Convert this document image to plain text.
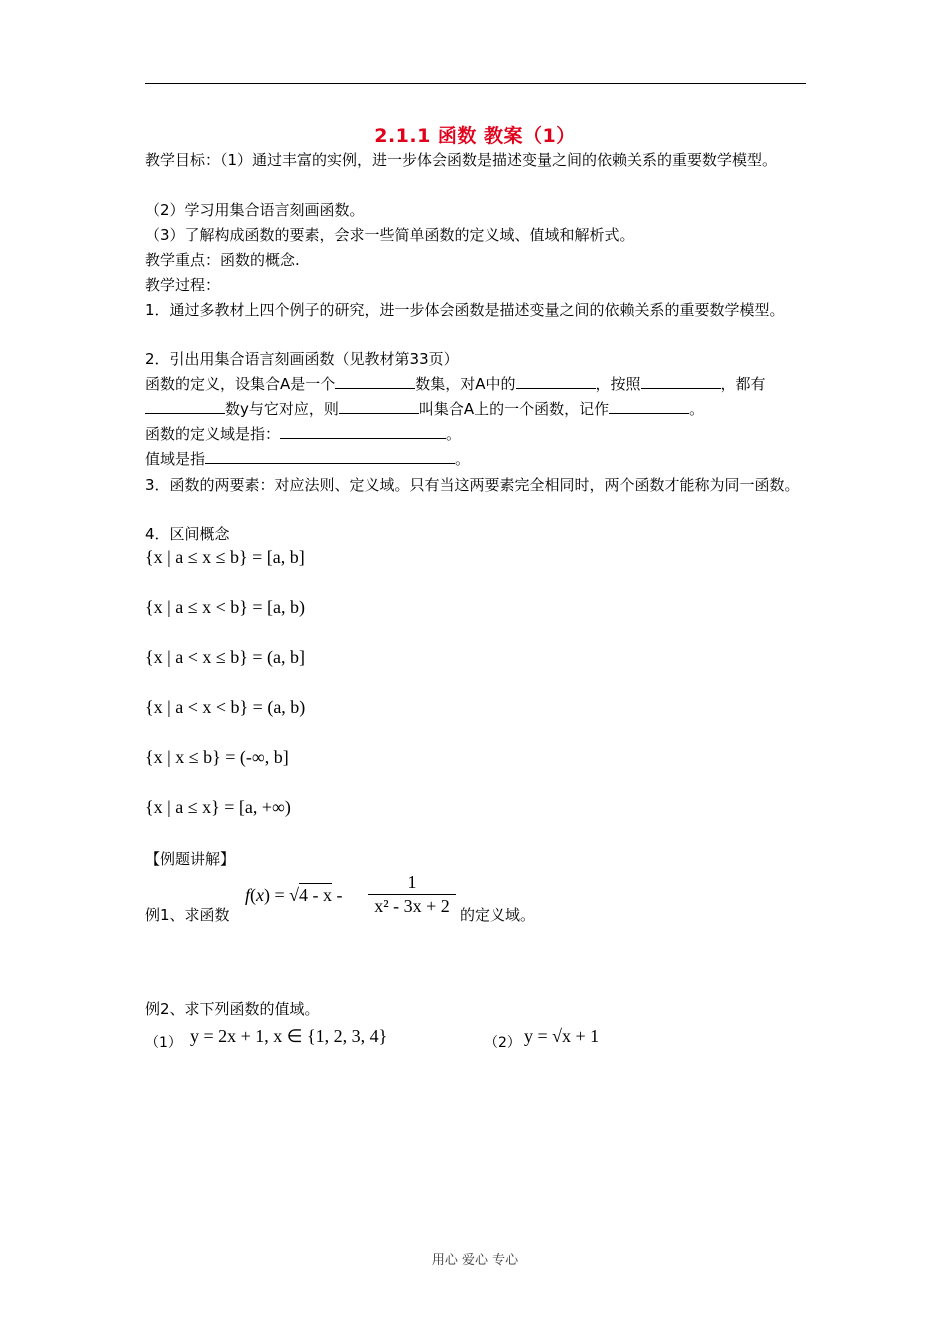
2.1.1 函数 教案（1）
教学目标：（1）通过丰富的实例，进一步体会函数是描述变量之间的依赖关系的重要数学模型。
（2）学习用集合语言刻画函数。
（3）了解构成函数的要素，会求一些简单函数的定义域、值域和解析式。
教学重点：函数的概念.
教学过程：
1．通过多教材上四个例子的研究，进一步体会函数是描述变量之间的依赖关系的重要数学模型。
2．引出用集合语言刻画函数（见教材第33页）
函数的定义，设集合A是一个	数集，对A中的	，按照	，都有
数y与它对应，则	叫集合A上的一个函数，记作	。
函数的定义域是指：	。
值域是指	。
3．函数的两要素：对应法则、定义域。只有当这两要素完全相同时，两个函数才能称为同一函数。
4．区间概念
{x | a ≤ x ≤ b} = [a, b]
{x | a ≤ x < b} = [a, b)
{x | a < x ≤ b} = (a, b]
{x | a < x < b} = (a, b)
{x | x ≤ b} = (-∞, b]
{x | a ≤ x} = [a, +∞)
【例题讲解】
例1、求函数
$f(x) = √4 - x - \frac{1}{\text{x² - 3x + 2}}$ 的定义域。
例2、求下列函数的值域。
（1） y = 2x + 1, x ∈ {1, 2, 3, 4}	（2） y = √x + 1
用心 爱心 专心
